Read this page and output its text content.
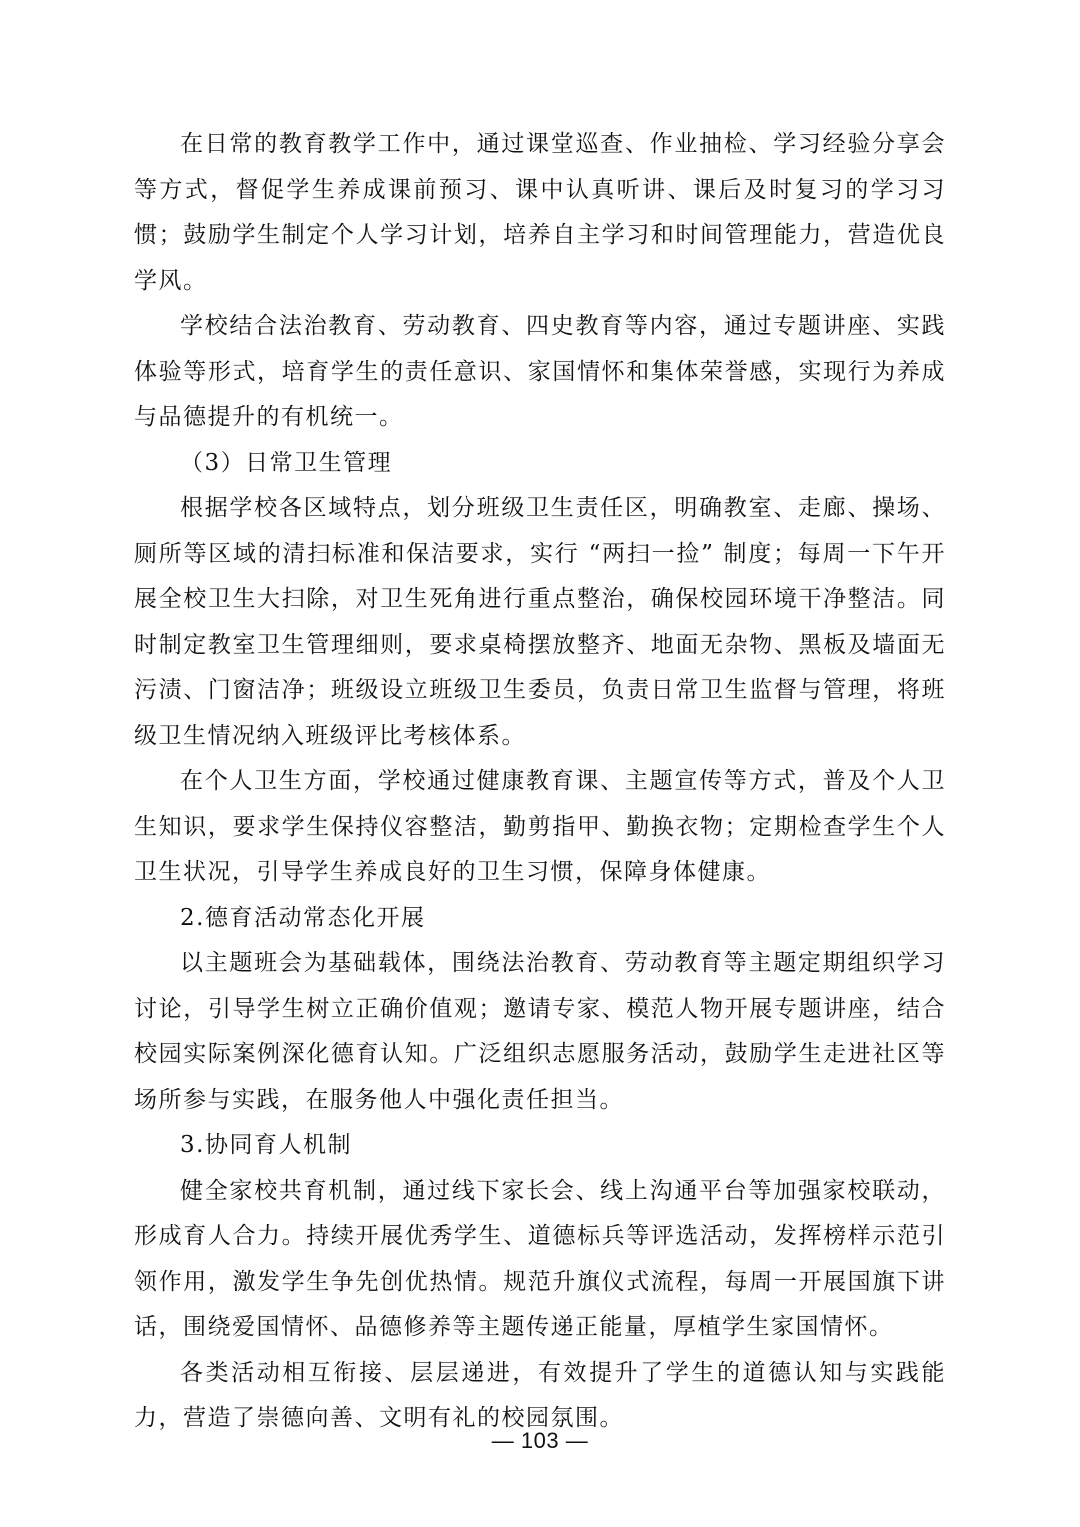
在日常的教育教学工作中，通过课堂巡查、作业抽检、学习经验分享会等方式，督促学生养成课前预习、课中认真听讲、课后及时复习的学习习惯；鼓励学生制定个人学习计划，培养自主学习和时间管理能力，营造优良学风。

学校结合法治教育、劳动教育、四史教育等内容，通过专题讲座、实践体验等形式，培育学生的责任意识、家国情怀和集体荣誉感，实现行为养成与品德提升的有机统一。

（3）日常卫生管理

根据学校各区域特点，划分班级卫生责任区，明确教室、走廊、操场、厕所等区域的清扫标准和保洁要求，实行 “两扫一捡” 制度；每周一下午开展全校卫生大扫除，对卫生死角进行重点整治，确保校园环境干净整洁。同时制定教室卫生管理细则，要求桌椅摆放整齐、地面无杂物、黑板及墙面无污渍、门窗洁净；班级设立班级卫生委员，负责日常卫生监督与管理，将班级卫生情况纳入班级评比考核体系。

在个人卫生方面，学校通过健康教育课、主题宣传等方式，普及个人卫生知识，要求学生保持仪容整洁，勤剪指甲、勤换衣物；定期检查学生个人卫生状况，引导学生养成良好的卫生习惯，保障身体健康。

2.德育活动常态化开展

以主题班会为基础载体，围绕法治教育、劳动教育等主题定期组织学习讨论，引导学生树立正确价值观；邀请专家、模范人物开展专题讲座，结合校园实际案例深化德育认知。广泛组织志愿服务活动，鼓励学生走进社区等场所参与实践，在服务他人中强化责任担当。

3.协同育人机制

健全家校共育机制，通过线下家长会、线上沟通平台等加强家校联动，形成育人合力。持续开展优秀学生、道德标兵等评选活动，发挥榜样示范引领作用，激发学生争先创优热情。规范升旗仪式流程，每周一开展国旗下讲话，围绕爱国情怀、品德修养等主题传递正能量，厚植学生家国情怀。

各类活动相互衔接、层层递进，有效提升了学生的道德认知与实践能力，营造了崇德向善、文明有礼的校园氛围。

— 103 —
